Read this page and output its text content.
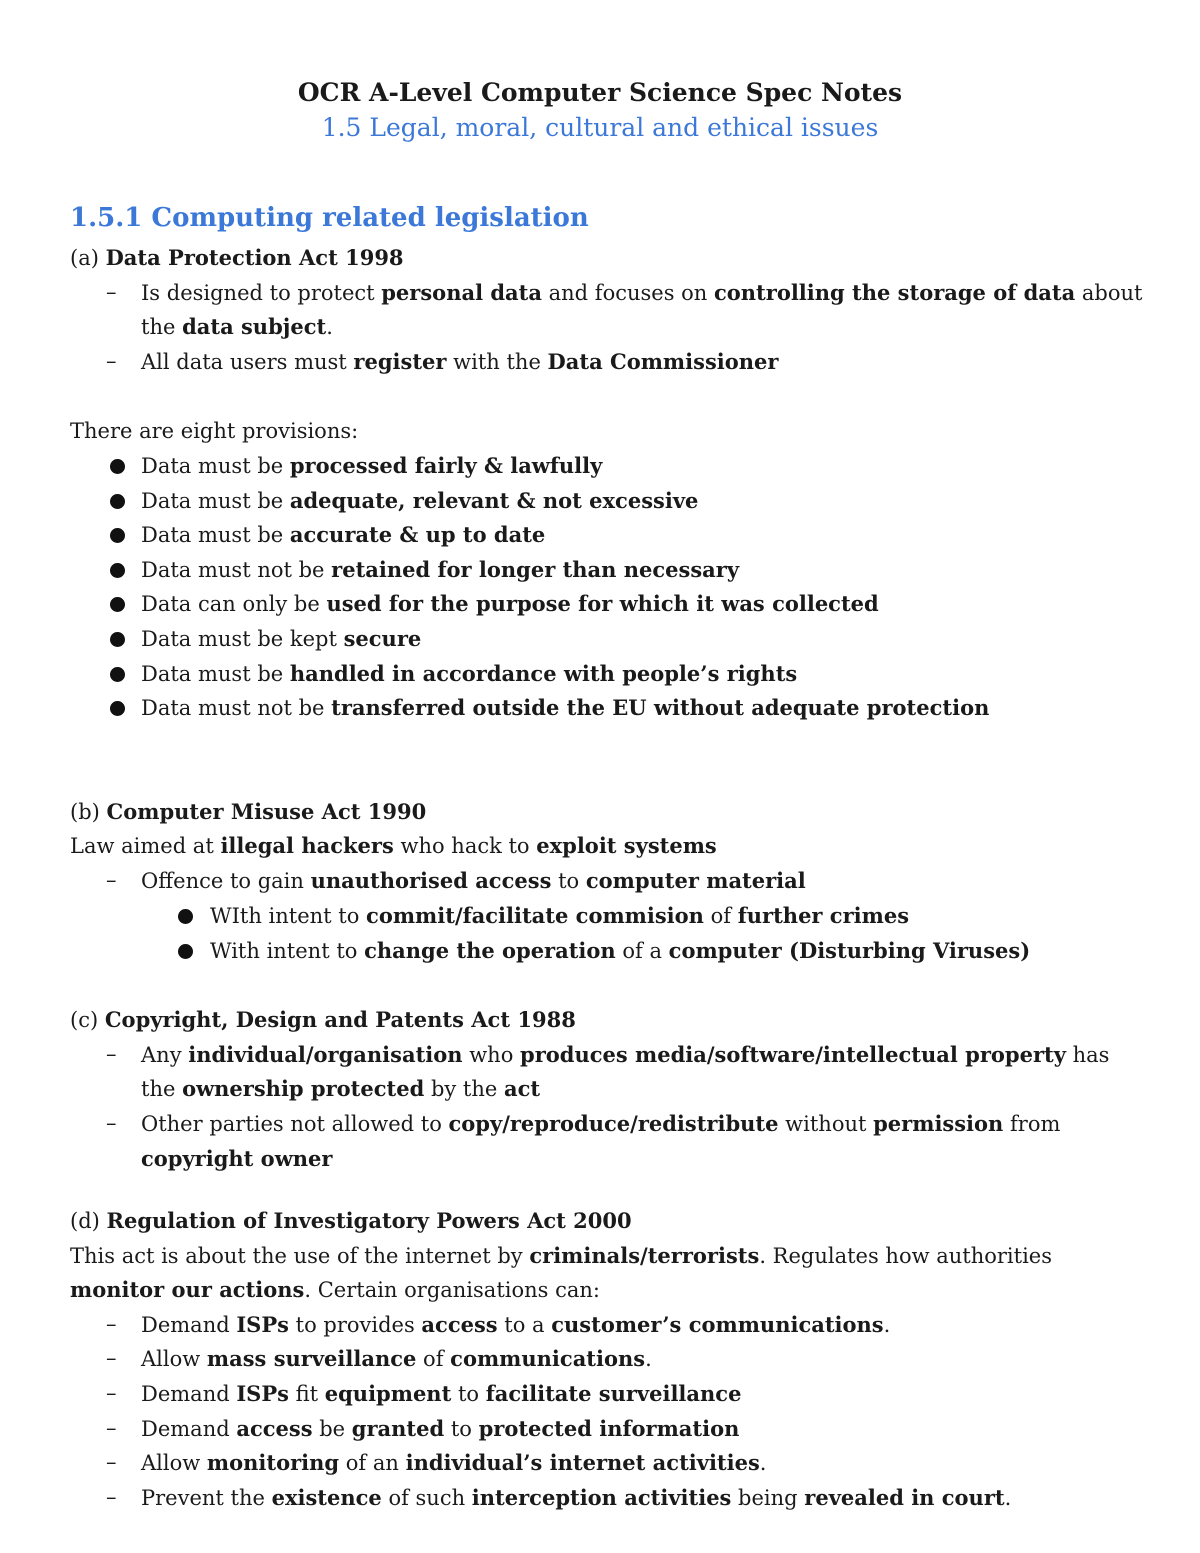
OCR A-Level Computer Science Spec Notes
1.5 Legal, moral, cultural and ethical issues
1.5.1 Computing related legislation
(a) Data Protection Act 1998
– Is designed to protect personal data and focuses on controlling the storage of data about
the data subject.
– All data users must register with the Data Commissioner
There are eight provisions:
Data must be processed fairly & lawfully
Data must be adequate, relevant & not excessive
Data must be accurate & up to date
Data must not be retained for longer than necessary
Data can only be used for the purpose for which it was collected
Data must be kept secure
Data must be handled in accordance with people’s rights
Data must not be transferred outside the EU without adequate protection
(b) Computer Misuse Act 1990
Law aimed at illegal hackers who hack to exploit systems
– Offence to gain unauthorised access to computer material
WIth intent to commit/facilitate commision of further crimes
With intent to change the operation of a computer (Disturbing Viruses)
(c) Copyright, Design and Patents Act 1988
– Any individual/organisation who produces media/software/intellectual property has
the ownership protected by the act
– Other parties not allowed to copy/reproduce/redistribute without permission from
copyright owner
(d) Regulation of Investigatory Powers Act 2000
This act is about the use of the internet by criminals/terrorists. Regulates how authorities
monitor our actions. Certain organisations can:
– Demand ISPs to provides access to a customer’s communications.
– Allow mass surveillance of communications.
– Demand ISPs fit equipment to facilitate surveillance
– Demand access be granted to protected information
– Allow monitoring of an individual’s internet activities.
– Prevent the existence of such interception activities being revealed in court.
